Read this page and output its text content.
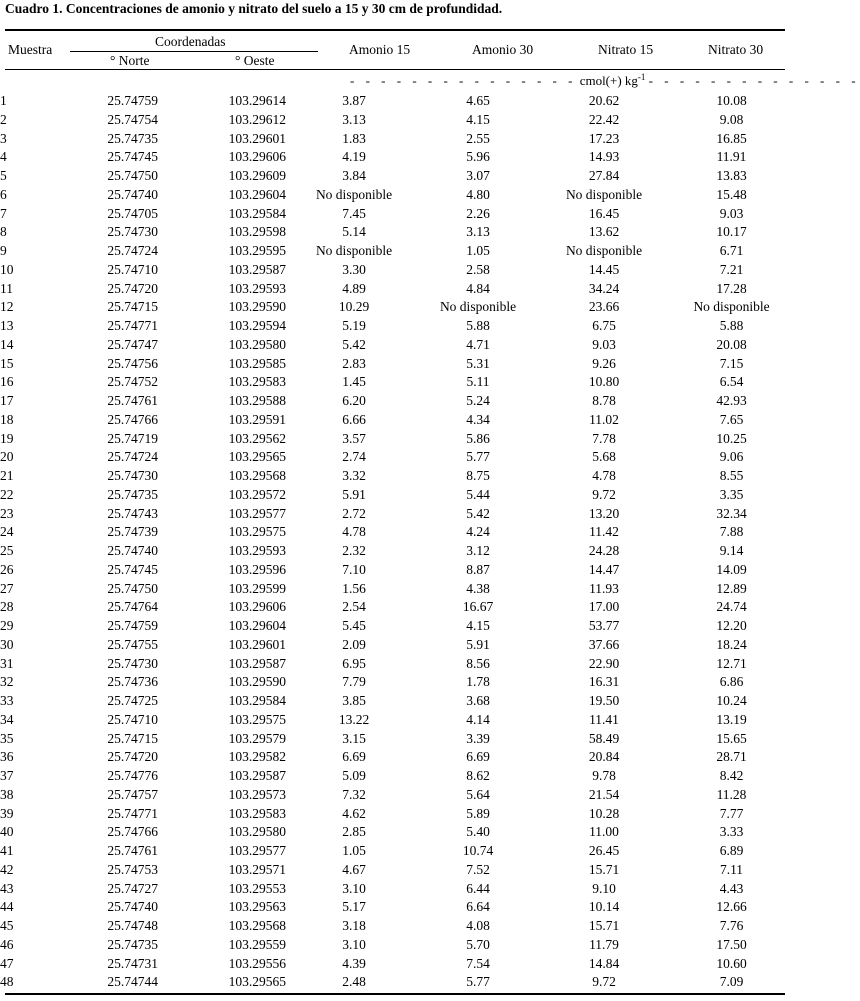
Cuadro 1. Concentraciones de amonio y nitrato del suelo a 15 y 30 cm de profundidad.
Muestra
Coordenadas
° Norte	° Oeste
Amonio 15	Amonio 30	Nitrato 15	Nitrato 30
- - - - - - - - - - - - - - - cmol(+) $kg^{-1}$ - - - - - - - - - - - - - -
1	25.74759	103.29614	3.87	4.65	20.62	10.08
2	25.74754	103.29612	3.13	4.15	22.42	9.08
3	25.74735	103.29601	1.83	2.55	17.23	16.85
4	25.74745	103.29606	4.19	5.96	14.93	11.91
5	25.74750	103.29609	3.84	3.07	27.84	13.83
6	25.74740	103.29604	No disponible	4.80	No disponible	15.48
7	25.74705	103.29584	7.45	2.26	16.45	9.03
8	25.74730	103.29598	5.14	3.13	13.62	10.17
9	25.74724	103.29595	No disponible	1.05	No disponible	6.71
10	25.74710	103.29587	3.30	2.58	14.45	7.21
11	25.74720	103.29593	4.89	4.84	34.24	17.28
12	25.74715	103.29590	10.29	No disponible	23.66	No disponible
13	25.74771	103.29594	5.19	5.88	6.75	5.88
14	25.74747	103.29580	5.42	4.71	9.03	20.08
15	25.74756	103.29585	2.83	5.31	9.26	7.15
16	25.74752	103.29583	1.45	5.11	10.80	6.54
17	25.74761	103.29588	6.20	5.24	8.78	42.93
18	25.74766	103.29591	6.66	4.34	11.02	7.65
19	25.74719	103.29562	3.57	5.86	7.78	10.25
20	25.74724	103.29565	2.74	5.77	5.68	9.06
21	25.74730	103.29568	3.32	8.75	4.78	8.55
22	25.74735	103.29572	5.91	5.44	9.72	3.35
23	25.74743	103.29577	2.72	5.42	13.20	32.34
24	25.74739	103.29575	4.78	4.24	11.42	7.88
25	25.74740	103.29593	2.32	3.12	24.28	9.14
26	25.74745	103.29596	7.10	8.87	14.47	14.09
27	25.74750	103.29599	1.56	4.38	11.93	12.89
28	25.74764	103.29606	2.54	16.67	17.00	24.74
29	25.74759	103.29604	5.45	4.15	53.77	12.20
30	25.74755	103.29601	2.09	5.91	37.66	18.24
31	25.74730	103.29587	6.95	8.56	22.90	12.71
32	25.74736	103.29590	7.79	1.78	16.31	6.86
33	25.74725	103.29584	3.85	3.68	19.50	10.24
34	25.74710	103.29575	13.22	4.14	11.41	13.19
35	25.74715	103.29579	3.15	3.39	58.49	15.65
36	25.74720	103.29582	6.69	6.69	20.84	28.71
37	25.74776	103.29587	5.09	8.62	9.78	8.42
38	25.74757	103.29573	7.32	5.64	21.54	11.28
39	25.74771	103.29583	4.62	5.89	10.28	7.77
40	25.74766	103.29580	2.85	5.40	11.00	3.33
41	25.74761	103.29577	1.05	10.74	26.45	6.89
42	25.74753	103.29571	4.67	7.52	15.71	7.11
43	25.74727	103.29553	3.10	6.44	9.10	4.43
44	25.74740	103.29563	5.17	6.64	10.14	12.66
45	25.74748	103.29568	3.18	4.08	15.71	7.76
46	25.74735	103.29559	3.10	5.70	11.79	17.50
47	25.74731	103.29556	4.39	7.54	14.84	10.60
48	25.74744	103.29565	2.48	5.77	9.72	7.09
